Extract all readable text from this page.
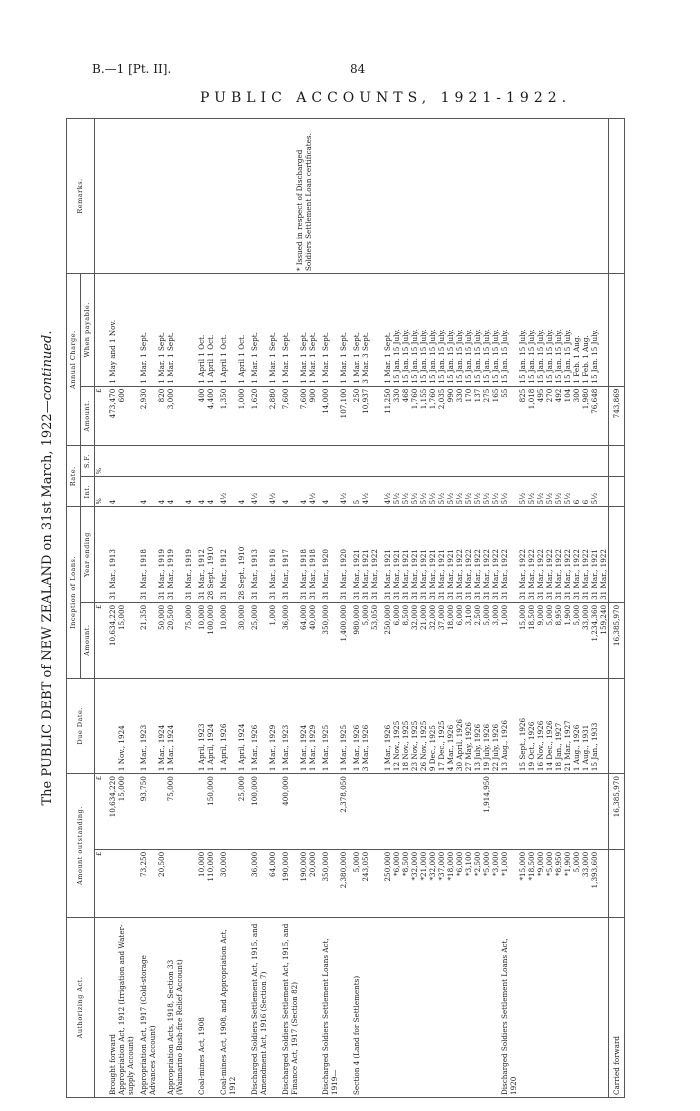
B.—1 [Pt. II].	84
PUBLIC ACCOUNTS, 1921-1922.
The PUBLIC DEBT of NEW ZEALAND on 31st March, 1922—continued.
Authorizing Act.	Amount outstanding.		Due Date.	Inception of Loans.		Rate.		Annual Charge.		Remarks.
				Amount.	Year ending	Int.	S.F.	Amount.	When payable.	
	£	£		£		%	%	£		* Issued in respect of Discharged Soldiers Settlement Loan certificates.

Brought forward		10,634,220		10,634,220	31 Mar., 1913	4		473,470	1 May and 1 Nov.	
Appropriation Act, 1912 (Irrigation and Water-supply Account)		15,000	1 Nov., 1924	15,000				600		
Appropriation Act, 1917 (Cold-storage Advances Account)	73,250	93,750	1 Mar., 1923	21,350	31 Mar., 1918	4		2,930	1 Mar. 1 Sept.	
	20,500		1 Mar., 1924	50,000	31 Mar., 1919	4		820	1 Mar. 1 Sept.	
Appropriation Acts, 1918, Section 33 (Waimarino Bush-fire Relief Account)		75,000	1 Mar., 1924	20,500	31 Mar., 1919	4		3,000	1 Mar. 1 Sept.	
				75,000	31 Mar., 1919	4				
Coal-mines Act, 1908	10,000		1 April, 1923	10,000	31 Mar., 1912	4		400	1 April 1 Oct.	
	110,000	150,000	1 April, 1924	100,000	28 Sept., 1910	4		4,400	1 April 1 Oct.	
Coal-mines Act, 1908, and Appropriation Act, 1912	30,000		1 April, 1926	10,000	31 Mar., 1912	4½		1,350	1 April 1 Oct.	
		25,000	1 April, 1924	30,000	28 Sept., 1910	4		1,000	1 April 1 Oct.	
Discharged Soldiers Settlement Act, 1915, and Amendment Act, 1916 (Section 7)	36,000	100,000	1 Mar., 1926	25,000	31 Mar., 1913	4½		1,620	1 Mar. 1 Sept.	
	64,000		1 Mar., 1929	1,000	31 Mar., 1916	4½		2,880	1 Mar. 1 Sept.	
Discharged Soldiers Settlement Act, 1915, and Finance Act, 1917 (Section 82)	190,000	400,000	1 Mar., 1923	36,000	31 Mar., 1917	4		7,600	1 Mar. 1 Sept.	
	190,000		1 Mar., 1924	64,000	31 Mar., 1918	4		7,600	1 Mar. 1 Sept.	
	20,000		1 Mar., 1929	40,000	31 Mar., 1918	4½		900	1 Mar. 1 Sept.	
Discharged Soldiers Settlement Loans Act, 1919—	350,000		1 Mar., 1925	350,000	31 Mar., 1920	4		14,000	1 Mar. 1 Sept.	
	2,380,000	2,378,050	1 Mar., 1925	1,400,000	31 Mar., 1920	4½		107,100	1 Mar. 1 Sept.	
Section 4 (Land for Settlements)	5,000		1 Mar., 1926	980,000	31 Mar., 1921	5		250	1 Mar. 1 Sept.	
	243,050		3 Mar., 1926	5,000	31 Mar., 1921	4½		10,937	3 Mar. 3 Sept.	
				53,050	31 Mar., 1922					
	250,000		1 Mar., 1926	250,000	31 Mar., 1921	4½		11,250	1 Mar. 1 Sept.	
	*6,000		12 Nov., 1925	6,000	31 Mar., 1921	5½		330	15 Jan. 15 July.	
	*8,500		18 Nov., 1925	8,500	31 Mar., 1921	5½		468	15 Jan. 15 July.	
	*32,000		23 Nov., 1925	32,000	31 Mar., 1921	5½		1,760	15 Jan. 15 July.	
	*21,000		26 Nov., 1925	21,000	31 Mar., 1921	5½		1,155	15 Jan. 15 July.	
	*32,000		9 Dec., 1925	32,000	31 Mar., 1921	5½		1,760	15 Jan. 15 July.	
	*37,000		17 Dec., 1925	37,000	31 Mar., 1921	5½		2,035	15 Jan. 15 July.	
	*18,000		4 Mar., 1926	18,000	31 Mar., 1921	5½		990	15 Jan. 15 July.	
	*6,000		30 April, 1926	6,000	31 Mar., 1922	5½		330	15 Jan. 15 July.	
	*3,100		27 May, 1926	3,100	31 Mar., 1922	5½		170	15 Jan. 15 July.	
	*2,500		13 July, 1926	2,500	31 Mar., 1922	5½		137	15 Jan. 15 July.	
	*5,000	1,914,950	19 July, 1926	5,000	31 Mar., 1922	5½		275	15 Jan. 15 July.	
	*3,000		22 July, 1926	3,000	31 Mar., 1922	5½		165	15 Jan. 15 July.	
Discharged Soldiers Settlement Loans Act, 1920	*1,000		13 Aug., 1926	1,000	31 Mar., 1922	5½		55	15 Jan. 15 July.	
	*15,000		15 Sept., 1926	15,000	31 Mar., 1922	5½		825	15 Jan. 15 July.	
	*18,500		19 Oct., 1926	18,500	31 Mar., 1922	5½		1,018	15 Jan. 15 July.	
	*9,000		16 Nov., 1926	9,000	31 Mar., 1922	5½		495	15 Jan. 15 July.	
	*5,000		14 Dec., 1926	5,000	31 Mar., 1922	5½		270	15 Jan. 15 July.	
	*8,950		18 Jan., 1927	8,950	31 Mar., 1922	5½		492	15 Jan. 15 July.	
	*1,900		21 Mar., 1927	1,900	31 Mar., 1922	5½		104	15 Jan. 15 July.	
	5,000		1 Aug., 1926	5,000	31 Mar., 1922	6		300	1 Feb. 1 Aug.	
	33,000		1 Aug., 1931	33,000	31 Mar., 1922	6		1,980	1 Feb. 1 Aug.	
	1,393,600		15 Jan., 1933	1,234,360	31 Mar., 1921	5½		76,648	15 Jan. 15 July.	
				159,240	31 Mar., 1922					
Carried forward		16,385,970		16,385,970				743,869		
